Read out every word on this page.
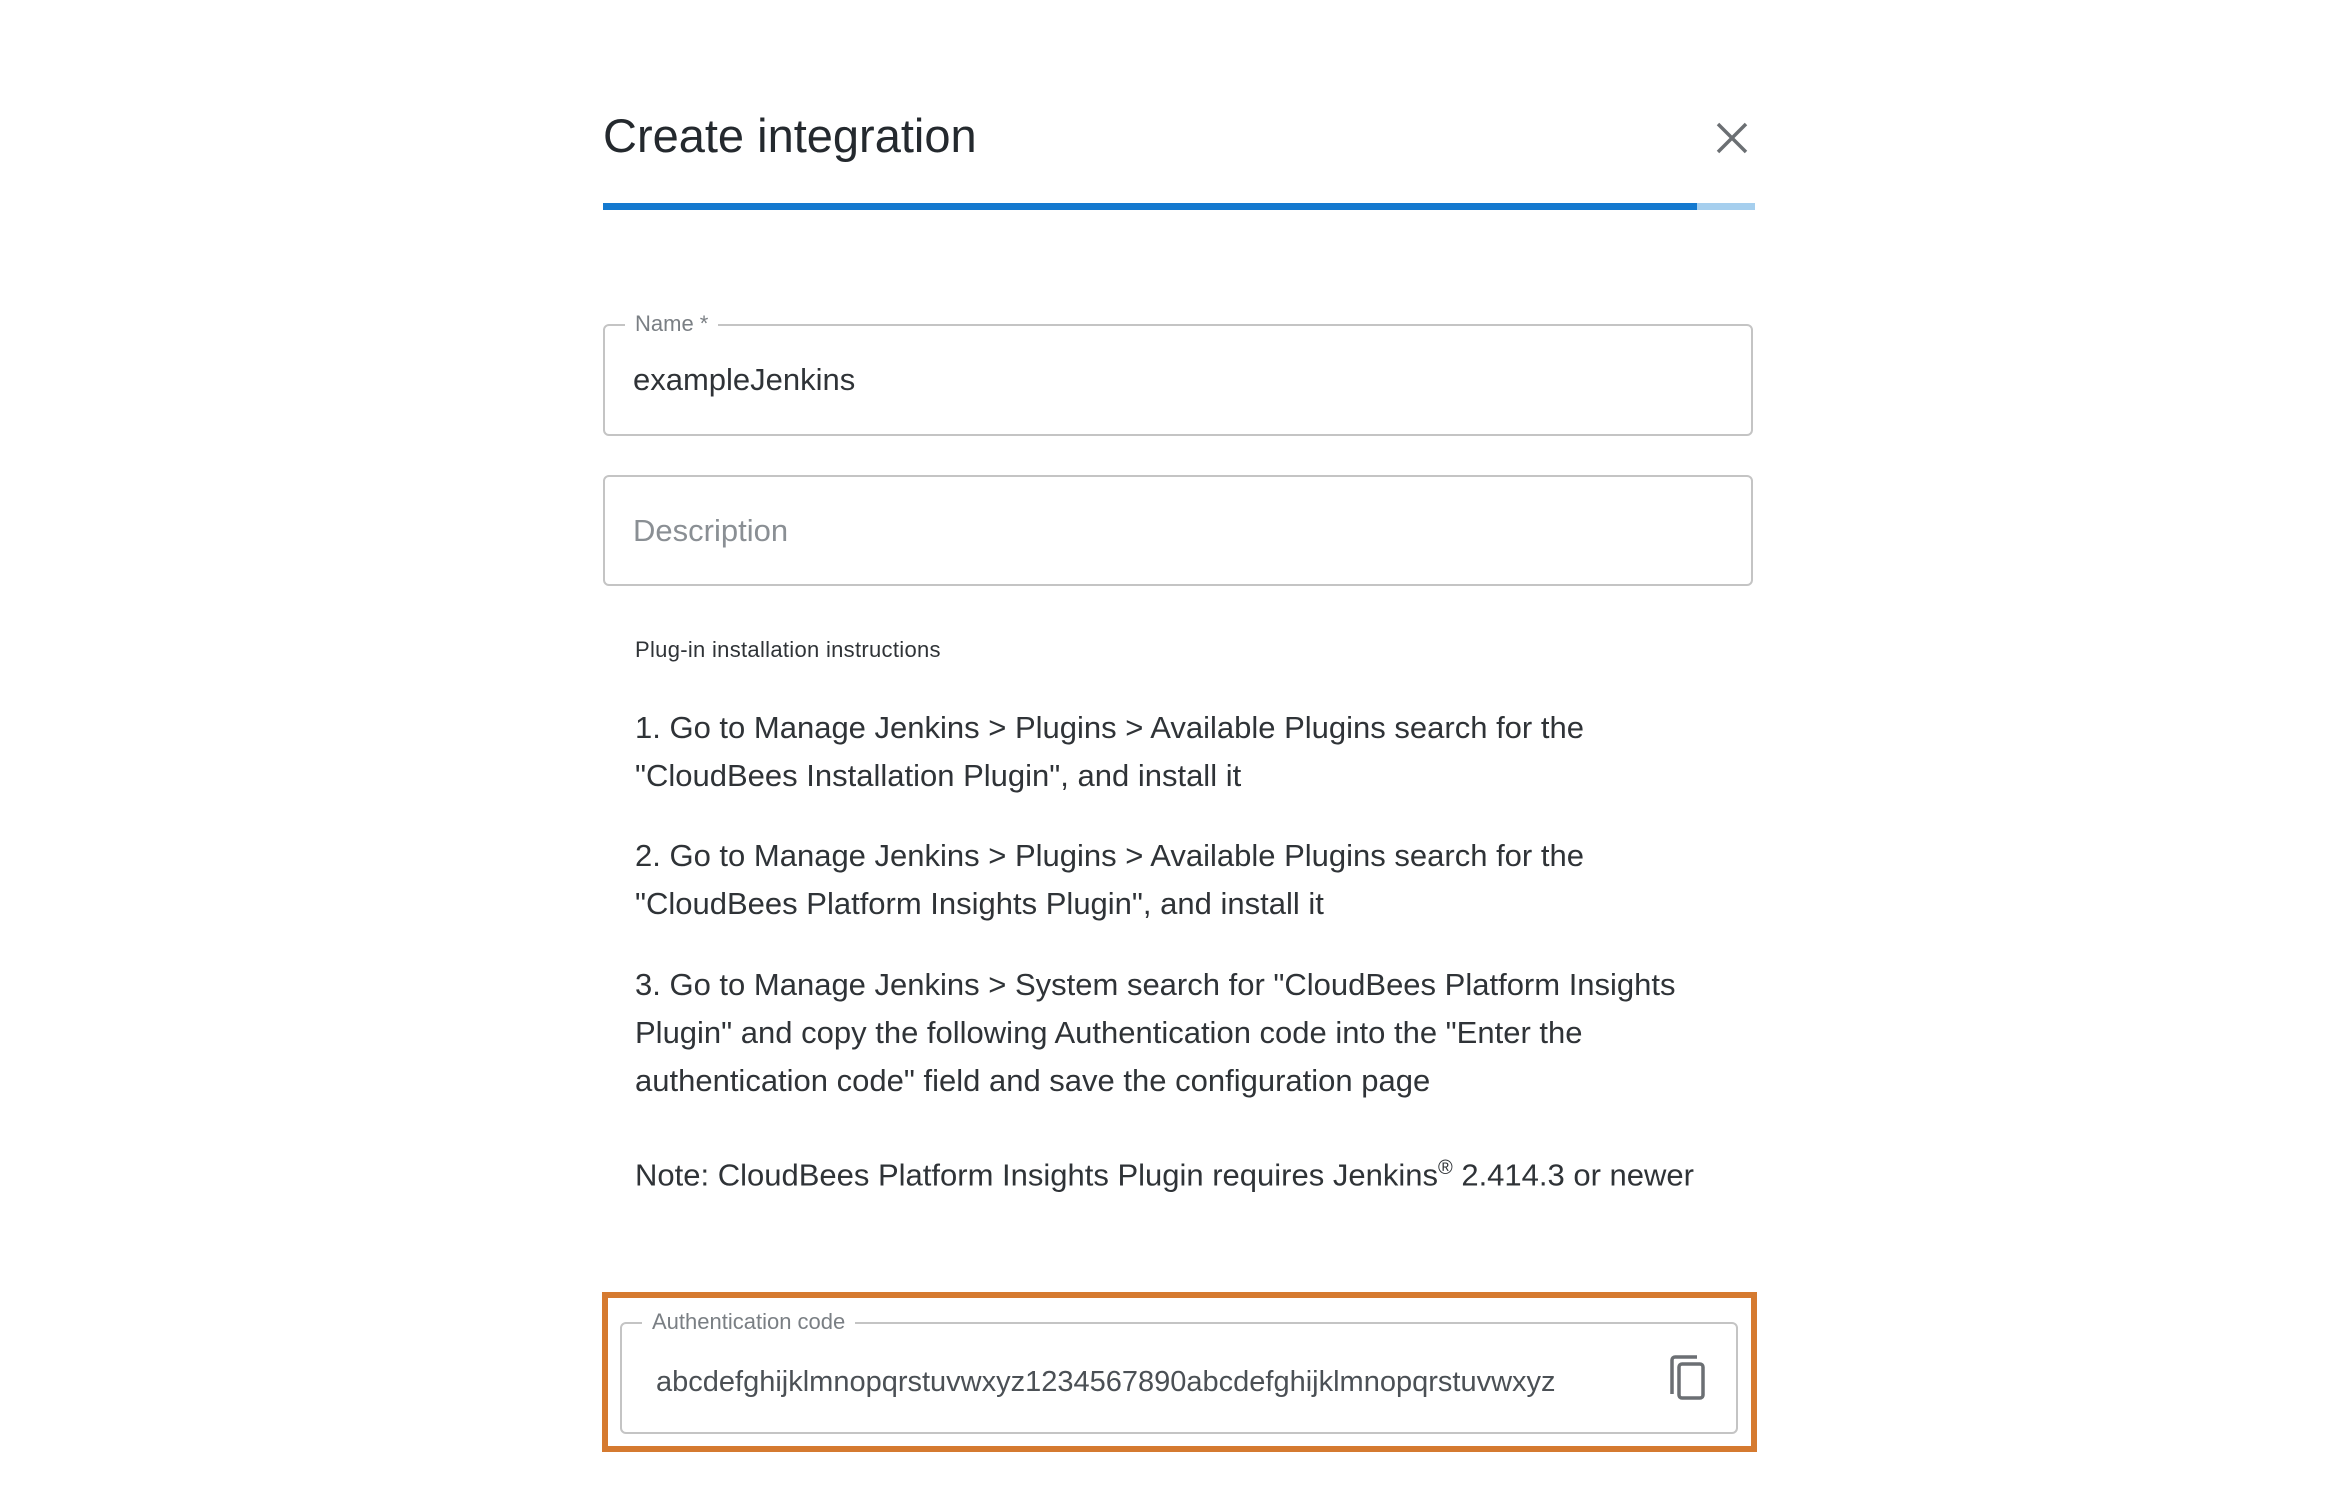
Create integration
Name *
exampleJenkins
Description
Plug-in installation instructions
1. Go to Manage Jenkins > Plugins > Available Plugins search for the "CloudBees Installation Plugin", and install it
2. Go to Manage Jenkins > Plugins > Available Plugins search for the "CloudBees Platform Insights Plugin", and install it
3. Go to Manage Jenkins > System search for "CloudBees Platform Insights Plugin" and copy the following Authentication code into the "Enter the authentication code" field and save the configuration page
Note: CloudBees Platform Insights Plugin requires Jenkins® 2.414.3 or newer
Authentication code
abcdefghijklmnopqrstuvwxyz1234567890abcdefghijklmnopqrstuvwxyz
